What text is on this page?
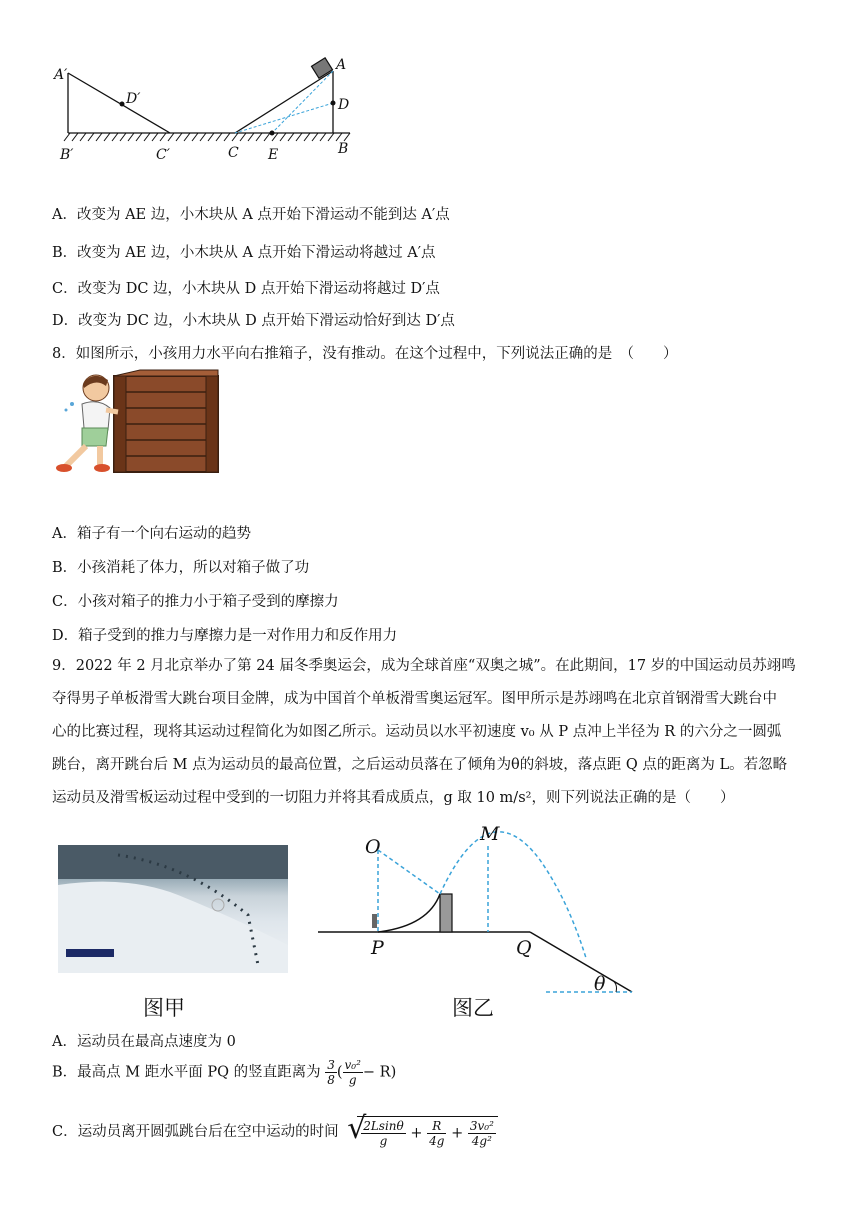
A′
D′
B′	C′	C E
A
D
B
A．改变为 AE 边，小木块从 A 点开始下滑运动不能到达 A′点
B．改变为 AE 边，小木块从 A 点开始下滑运动将越过 A′点
C．改变为 DC 边，小木块从 D 点开始下滑运动将越过 D′点
D．改变为 DC 边，小木块从 D 点开始下滑运动恰好到达 D′点
8．如图所示，小孩用力水平向右推箱子，没有推动。在这个过程中，下列说法正确的是　（　　）
A．箱子有一个向右运动的趋势
B．小孩消耗了体力，所以对箱子做了功
C．小孩对箱子的推力小于箱子受到的摩擦力
D．箱子受到的推力与摩擦力是一对作用力和反作用力
9．2022 年 2 月北京举办了第 24 届冬季奥运会，成为全球首座“双奥之城”。在此期间，17 岁的中国运动员苏翊鸣
夺得男子单板滑雪大跳台项目金牌，成为中国首个单板滑雪奥运冠军。图甲所示是苏翊鸣在北京首钢滑雪大跳台中
心的比赛过程，现将其运动过程简化为如图乙所示。运动员以水平初速度 v₀ 从 P 点冲上半径为 R 的六分之一圆弧
跳台，离开跳台后 M 点为运动员的最高位置，之后运动员落在了倾角为θ的斜坡，落点距 Q 点的距离为 L。若忽略
运动员及滑雪板运动过程中受到的一切阻力并将其看成质点，g 取 10 m/s²，则下列说法正确的是（　　）
图甲
O
M
P	Q
θ
图乙
A．运动员在最高点速度为 0
B．最高点 M 距水平面 PQ 的竖直距离为 $\frac{3}{8}$ ( $\frac{\text{v₀²}}{g} - R$)
C．运动员离开圆弧跳台后在空中运动的时间
√ $\frac{2Lsin\theta}{g} + \frac{R}{4g} + \frac{\text{3v₀²}}{\text{4g²}}$
